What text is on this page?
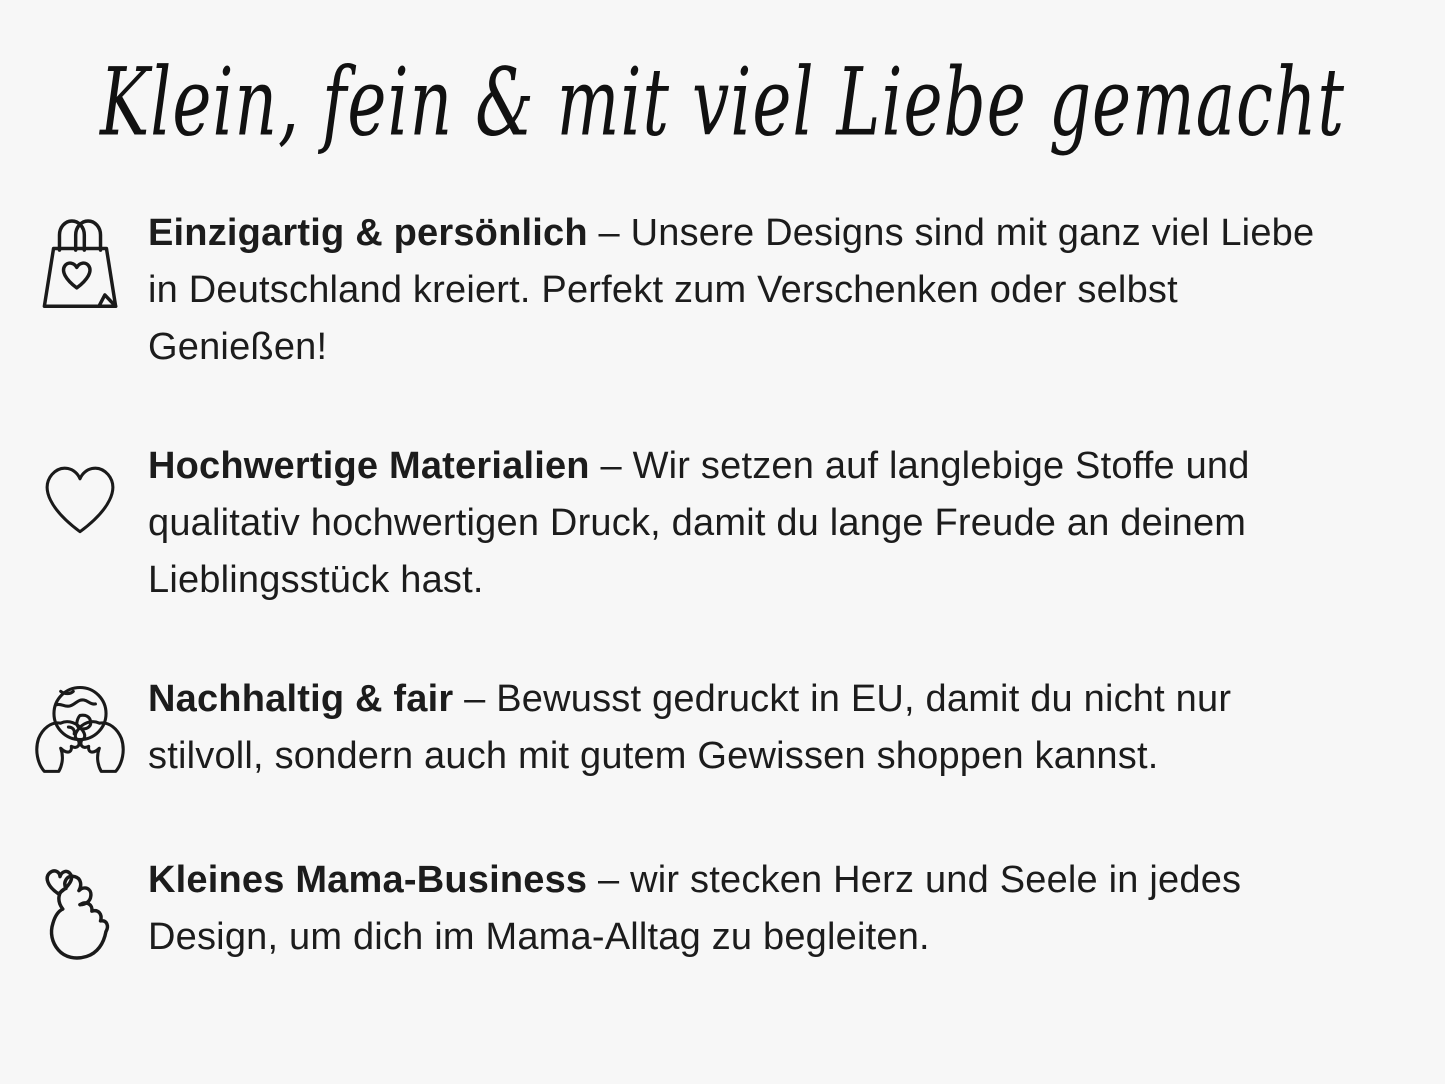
Klein, fein & mit viel Liebe gemacht

Einzigartig & persönlich – Unsere Designs sind mit ganz viel Liebe in Deutschland kreiert. Perfekt zum Verschenken oder selbst Genießen!

Hochwertige Materialien – Wir setzen auf langlebige Stoffe und qualitativ hochwertigen Druck, damit du lange Freude an deinem Lieblingsstück hast.

Nachhaltig & fair – Bewusst gedruckt in EU, damit du nicht nur stilvoll, sondern auch mit gutem Gewissen shoppen kannst.

Kleines Mama-Business – wir stecken Herz und Seele in jedes Design, um dich im Mama-Alltag zu begleiten.
